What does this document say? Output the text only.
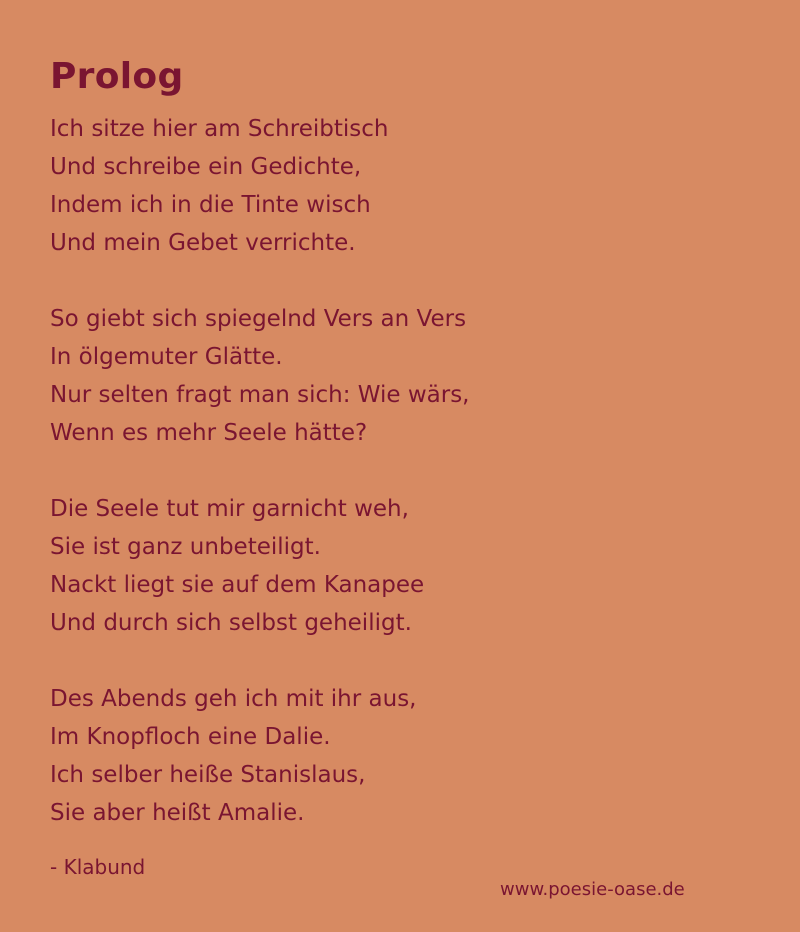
Prolog

Ich sitze hier am Schreibtisch
Und schreibe ein Gedichte,
Indem ich in die Tinte wisch
Und mein Gebet verrichte.

So giebt sich spiegelnd Vers an Vers
In ölgemuter Glätte.
Nur selten fragt man sich: Wie wärs,
Wenn es mehr Seele hätte?

Die Seele tut mir garnicht weh,
Sie ist ganz unbeteiligt.
Nackt liegt sie auf dem Kanapee
Und durch sich selbst geheiligt.

Des Abends geh ich mit ihr aus,
Im Knopfloch eine Dalie.
Ich selber heiße Stanislaus,
Sie aber heißt Amalie.

- Klabund
www.poesie-oase.de
